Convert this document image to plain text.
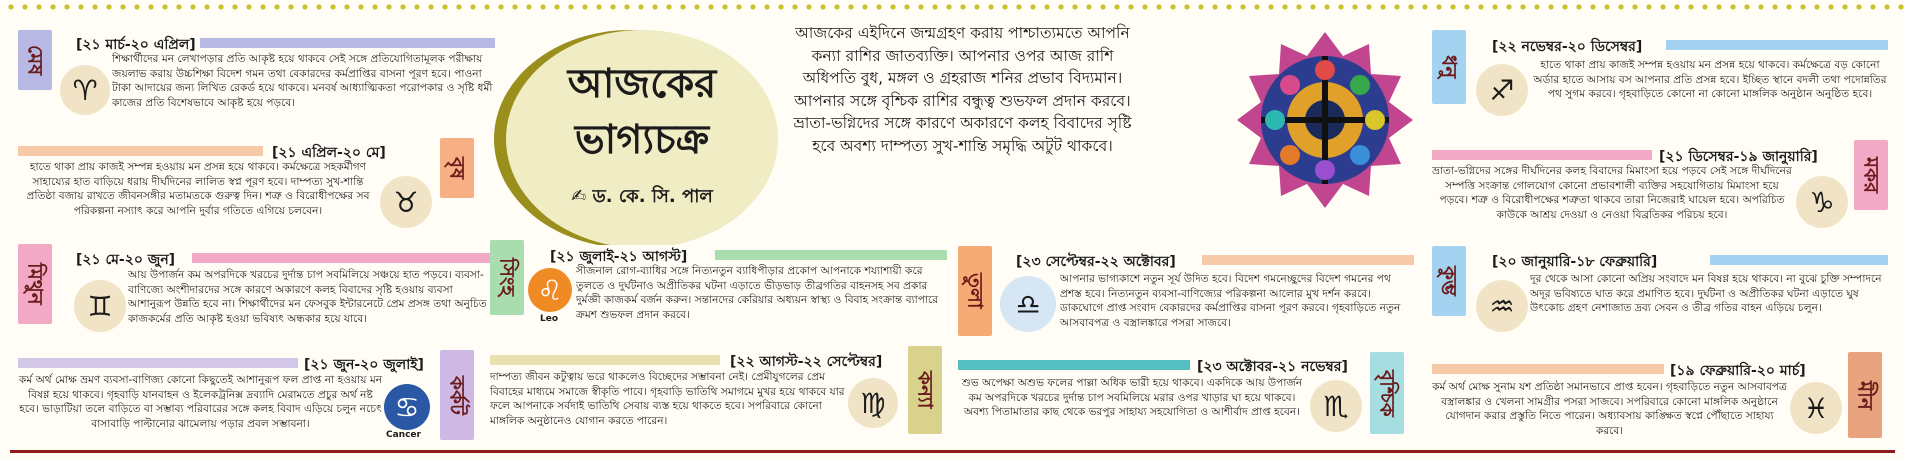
মেষ [২১ মার্চ-২০ এপ্রিল]
♈
শিক্ষার্থীদের মন লেখাপড়ার প্রতি আকৃষ্ট হয়ে থাকবে সেই সঙ্গে প্রতিযোগিতামূলক পরীক্ষায় জয়লাভ করায় উচ্চশিক্ষা বিদেশ গমন তথা বেকারদের কর্মপ্রাপ্তির বাসনা পূরণ হবে। পাওনা টাকা আদায়ের জন্য লিখিত রেকর্ড হয়ে থাকবে। মনবর্ষ আধ্যাত্মিকতা পরোপকার ও সৃষ্টি ধর্মী কাজের প্রতি বিশেষভাবে আকৃষ্ট হয়ে পড়বে।
[২১ এপ্রিল-২০ মে]
বৃষ
♉
হাতে থাকা প্রায় কাজই সম্পন্ন হওয়ায় মন প্রসন্ন হয়ে থাকবে। কর্মক্ষেত্রে সহকর্মীগণ সাহায্যের হাত বাড়িয়ে ধরায় দীর্ঘদিনের লালিত স্বপ্ন পূরণ হবে। দাম্পত্য সুখ-শান্তি প্রতিষ্ঠা বজায় রাখতে জীবনসঙ্গীর মতামতকে গুরুত্ব দিন। শত্রু ও বিরোধীপক্ষের সব পরিকল্পনা নস্যাৎ করে আপনি দুর্বার গতিতে এগিয়ে চলবেন।
মিথুন
[২১ মে-২০ জুন]
♊
আয় উপার্জন কম অপরদিকে খরচের দুর্দান্ত চাপ সবমিলিয়ে সঞ্চয়ে হাত পড়বে। ব্যবসা-বাণিজ্যে অংশীদারদের সঙ্গে কারণে অকারণে কলহ বিবাদের সৃষ্টি হওয়ায় ব্যবসা আশানুরূপ উন্নতি হবে না। শিক্ষার্থীদের মন ফেসবুক ইন্টারনেটে প্রেম প্রসঙ্গ তথা অনুচিত কাজকর্মের প্রতি আকৃষ্ট হওয়া ভবিষ্যৎ অন্ধকার হয়ে যাবে।
[২১ জুন-২০ জুলাই]
কর্কট
♋
Cancer
কর্ম অর্থ মোক্ষ ভ্রমণ ব্যবসা-বাণিজ্য কোনো কিছুতেই আশানুরূপ ফল প্রাপ্ত না হওয়ায় মন বিষণ্ণ হয়ে থাকবে। গৃহবাড়ি যানবাহন ও ইলেকট্রনিক্স দ্রব্যাদি মেরামতে প্রচুর অর্থ নষ্ট হবে। ভাড়াটিয়া তলে বাড়িতে বা সম্ভাব্য পরিবারের সঙ্গে কলহ বিবাদ এড়িয়ে চলুন নচেৎ বাসাবাড়ি পাল্টানোর ঝামেলায় পড়ার প্রবল সম্ভাবনা।
আজকের
ভাগ্যচক্র
✍ ড. কে. সি. পাল
আজকের এইদিনে জন্মগ্রহণ করায় পাশ্চাত্যমতে আপনি কন্যা রাশির জাতব্যক্তি। আপনার ওপর আজ রাশি অধিপতি বুধ, মঙ্গল ও গ্রহরাজ শনির প্রভাব বিদ্যমান। আপনার সঙ্গে বৃশ্চিক রাশির বন্ধুত্ব শুভফল প্রদান করবে। ভ্রাতা-ভগ্নিদের সঙ্গে কারণে অকারণে কলহ বিবাদের সৃষ্টি হবে অবশ্য দাম্পত্য সুখ-শান্তি সমৃদ্ধি অটুট থাকবে।
সিংহ
[২১ জুলাই-২১ আগস্ট]
♌
Leo
সীজনাল রোগ-ব্যাধির সঙ্গে নিত্যনতুন ব্যাধিপীড়ার প্রকোপ আপনাকে শয্যাশায়ী করে তুলতে ও দুর্ঘটনাও অপ্রীতিকর ঘটনা এড়াতে ভীড়ভাড় তীব্রগতির বাহনসহ সব প্রকার দুর্মজ্ঞী কাজকর্ম বর্জন করুন। সন্তানদের কেরিয়ার অধ্যয়ন স্বাস্থ্য ও বিবাহ সংক্রান্ত ব্যাপারে ক্রমশ শুভফল প্রদান করবে।
[২২ আগস্ট-২২ সেপ্টেম্বর]
কন্যা
♍
দাম্পত্য জীবন কটুত্বায় ভরে থাকলেও বিচ্ছেদের সম্ভাবনা নেই। প্রেমীযুগলের প্রেম বিবাহের মাধ্যমে সমাজে স্বীকৃতি পাবে। গৃহবাড়ি ভাতিথি সমাগমে মুখর হয়ে থাকবে যার ফলে আপনাকে সর্বদাই ভাতিথি সেবায় ব্যস্ত হয়ে থাকতে হবে। সপরিবারে কোনো মাঙ্গলিক অনুষ্ঠানেও যোগান করতে পারেন।
তুলা
[২৩ সেপ্টেম্বর-২২ অক্টোবর]
♎
আপনার ভাগ্যকাশে নতুন সূর্য উদিত হবে। বিদেশ গমনেচ্ছুদের বিদেশ গমনের পথ প্রশস্ত হবে। নিত্যনতুন ব্যবসা-বাণিজ্যের পরিকল্পনা আলোর মুখ দর্শন করবে। ডাকঘোগে প্রাপ্ত সংবাদ বেকারদের কর্মপ্রাপ্তির বাসনা পূরণ করবে। গৃহবাড়িতে নতুন আসবাবপত্র ও বস্ত্রালঙ্কারে পসরা সাজবে।
[২৩ অক্টোবর-২১ নভেম্বর]
বৃশ্চিক
♏
শুভ অপেক্ষা অশুভ ফলের পাল্লা অধিক ভারী হয়ে থাকবে। একদিকে আয় উপার্জন কম অপরদিকে খরচের দুর্দান্ত চাপ সবমিলিয়ে মরার ওপর খাড়ার ঘা হয়ে থাকবে। অবশ্য পিতামাতার কাছ থেকে ভরপুর সাহায্য সহযোগিতা ও আশীর্বাদ প্রাপ্ত হবেন।
ধনু
[২২ নভেম্বর-২০ ডিসেম্বর]
♐
হাতে থাকা প্রায় কাজই সম্পন্ন হওয়ায় মন প্রসন্ন হয়ে থাকবে। কর্মক্ষেত্রে বড় কোনো অর্ডার হাতে আসায় বস আপনার প্রতি প্রসন্ন হবে। ইচ্ছিত স্থানে বদলী তথা পদোন্নতির পথ সুগম করবে। গৃহবাড়িতে কোনো না কোনো মাঙ্গলিক অনুষ্ঠান অনুষ্ঠিত হবে।
[২১ ডিসেম্বর-১৯ জানুয়ারি] মকর
♑
ভ্রাতা-ভগ্নিদের সঙ্গের দীর্ঘদিনের কলহ বিবাদের মিমাংসা হয়ে পড়বে সেই সঙ্গে দীর্ঘদিনের সম্পত্তি সংক্রান্ত গোলযোগ কোনো প্রভাবশালী ব্যক্তির সহযোগিতায় মিমাংসা হয়ে পড়বে। শত্রু ও বিরোধীপক্ষের শত্রুতা থাকবে তারা নিজেরাই ঘায়েল হবে। অপরিচিত কাউকে আশ্রয় দেওয়া ও নেওয়া বিব্রতিকর পরিচয় হবে।
কুম্ভ
[২০ জানুয়ারি-১৮ ফেব্রুয়ারি]
♒
দূর থেকে আসা কোনো অপ্রিয় সংবাদে মন বিষণ্ণ হয়ে থাকবে। না বুঝে চুক্তি সম্পাদনে অদূর ভবিষ্যতে ঘাত করে প্রমাণিত হবে। দুর্ঘটনা ও অপ্রীতিকর ঘটনা এড়াতে ঘুষ উৎকোচ গ্রহণ নেশাজাত দ্রব্য সেবন ও তীব্র গতির বাহন এড়িয়ে চলুন।
[১৯ ফেব্রুয়ারি-২০ মার্চ]
মীন
♓
কর্ম অর্থ মোক্ষ সুনাম যশ প্রতিষ্ঠা সমানভাবে প্রাপ্ত হবেন। গৃহবাড়িতে নতুন আসবাবপত্র বস্ত্রালঙ্কার ও খেলনা সামগ্রীর পসরা সাজবে। সপরিবারে কোনো মাঙ্গলিক অনুষ্ঠানে যোগদান করার প্রস্তুতি নিতে পারেন। অধ্যাবসায় কাঙ্ক্ষিত স্বপ্নে পৌঁছাতে সাহায্য করবে।
